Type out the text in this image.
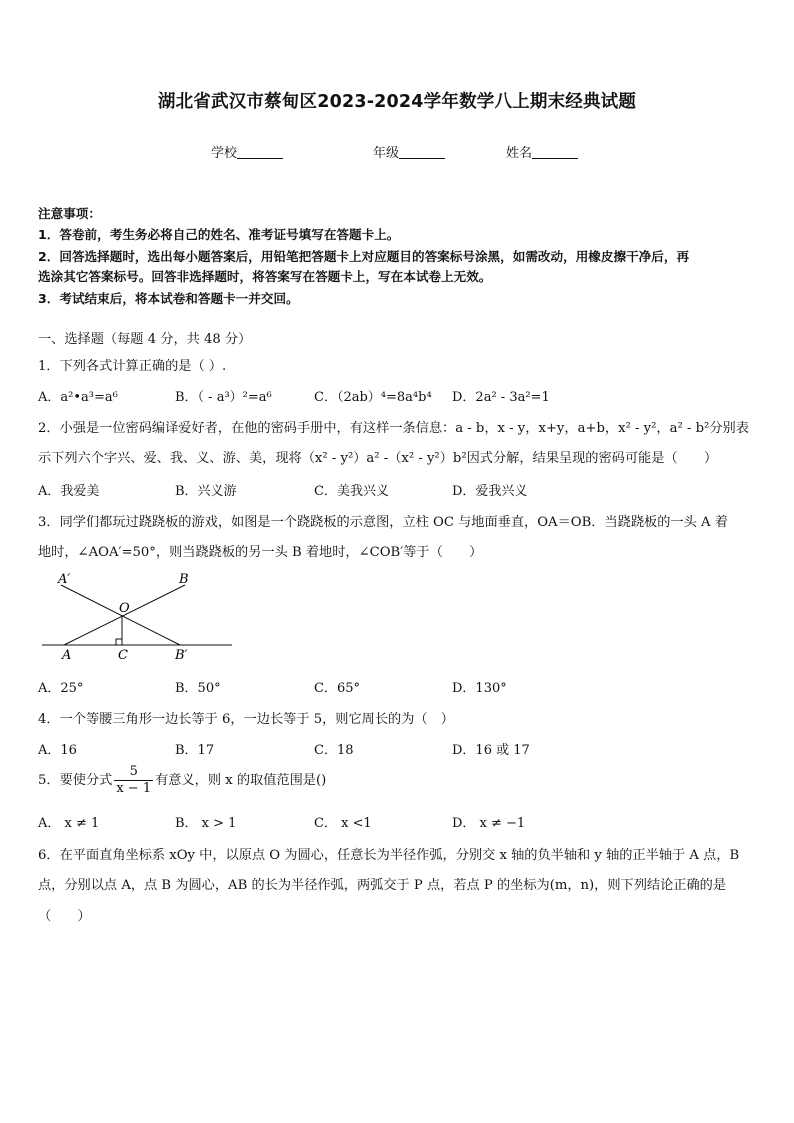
湖北省武汉市蔡甸区2023-2024学年数学八上期末经典试题
学校	年级	姓名
注意事项：
1．答卷前，考生务必将自己的姓名、准考证号填写在答题卡上。
2．回答选择题时，选出每小题答案后，用铅笔把答题卡上对应题目的答案标号涂黑，如需改动，用橡皮擦干净后，再
选涂其它答案标号。回答非选择题时，将答案写在答题卡上，写在本试卷上无效。
3．考试结束后，将本试卷和答题卡一并交回。
一、选择题（每题 4 分，共 48 分）
1．下列各式计算正确的是（ ）.
A．a²•a³=a⁶	B．（ - a³）²=a⁶	C．（2ab）⁴=8a⁴b⁴ D．2a² - 3a²=1
2．小强是一位密码编译爱好者，在他的密码手册中，有这样一条信息：a - b，x - y，x+y，a+b，x² - y²，a² - b²分别表
示下列六个字兴、爱、我、义、游、美，现将（x² - y²）a² -（x² - y²）b²因式分解，结果呈现的密码可能是（　　）
A．我爱美	B．兴义游	C．美我兴义	D．爱我兴义
3．同学们都玩过跷跷板的游戏，如图是一个跷跷板的示意图，立柱 OC 与地面垂直，OA＝OB．当跷跷板的一头 A 着
地时，∠AOA′=50°，则当跷跷板的另一头 B 着地时，∠COB′等于（　　）
A′	B
O
A	C	B′
A．25°	B．50°	C．65°	D．130°
4．一个等腰三角形一边长等于 6，一边长等于 5，则它周长的为（　）
A．16	B．17	C．18	D．16 或 17
5．要使分式 $\frac{5}{x - 1}$ 有意义，则 x 的取值范围是()
A． x ≠ 1	B． x > 1	C． x <1	D． x ≠ −1
6．在平面直角坐标系 xOy 中，以原点 O 为圆心，任意长为半径作弧，分别交 x 轴的负半轴和 y 轴的正半轴于 A 点，B
点，分别以点 A，点 B 为圆心，AB 的长为半径作弧，两弧交于 P 点，若点 P 的坐标为(m，n)，则下列结论正确的是
（　　）
